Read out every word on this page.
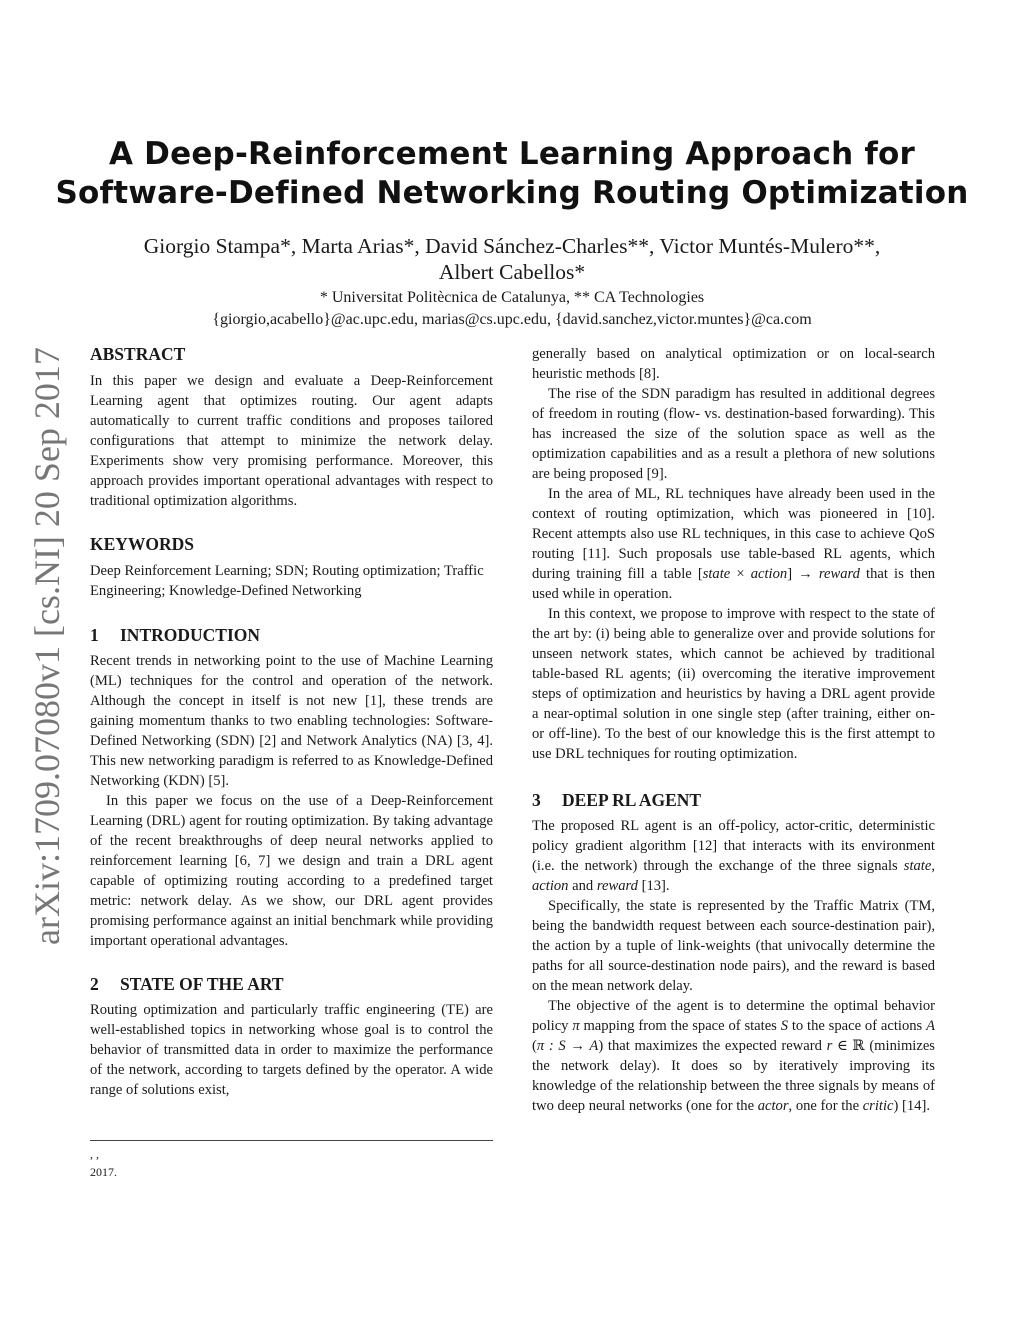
A Deep-Reinforcement Learning Approach for
Software-Defined Networking Routing Optimization
Giorgio Stampa*, Marta Arias*, David Sánchez-Charles**, Victor Muntés-Mulero**,
Albert Cabellos*
* Universitat Politècnica de Catalunya, ** CA Technologies
{giorgio,acabello}@ac.upc.edu, marias@cs.upc.edu, {david.sanchez,victor.muntes}@ca.com
arXiv:1709.07080v1 [cs.NI] 20 Sep 2017 ABSTRACT

In this paper we design and evaluate a Deep-Reinforcement Learning agent that optimizes routing. Our agent adapts automatically to current traffic conditions and proposes tailored configurations that attempt to minimize the network delay. Experiments show very promising performance. Moreover, this approach provides important operational advantages with respect to traditional optimization algorithms.

KEYWORDS

Deep Reinforcement Learning; SDN; Routing optimization; Traffic Engineering; Knowledge-Defined Networking

1 INTRODUCTION

Recent trends in networking point to the use of Machine Learning (ML) techniques for the control and operation of the network. Although the concept in itself is not new [1], these trends are gaining momentum thanks to two enabling technologies: Software-Defined Networking (SDN) [2] and Network Analytics (NA) [3, 4]. This new networking paradigm is referred to as Knowledge-Defined Networking (KDN) [5].

In this paper we focus on the use of a Deep-Reinforcement Learning (DRL) agent for routing optimization. By taking advantage of the recent breakthroughs of deep neural networks applied to reinforcement learning [6, 7] we design and train a DRL agent capable of optimizing routing according to a predefined target metric: network delay. As we show, our DRL agent provides promising performance against an initial benchmark while providing important operational advantages.

2 STATE OF THE ART

Routing optimization and particularly traffic engineering (TE) are well-established topics in networking whose goal is to control the behavior of transmitted data in order to maximize the performance of the network, according to targets defined by the operator. A wide range of solutions exist,

, ,
2017.

generally based on analytical optimization or on local-search heuristic methods [8].

The rise of the SDN paradigm has resulted in additional degrees of freedom in routing (flow- vs. destination-based forwarding). This has increased the size of the solution space as well as the optimization capabilities and as a result a plethora of new solutions are being proposed [9].

In the area of ML, RL techniques have already been used in the context of routing optimization, which was pioneered in [10]. Recent attempts also use RL techniques, in this case to achieve QoS routing [11]. Such proposals use table-based RL agents, which during training fill a table [state × action] → reward that is then used while in operation.

In this context, we propose to improve with respect to the state of the art by: (i) being able to generalize over and provide solutions for unseen network states, which cannot be achieved by traditional table-based RL agents; (ii) overcoming the iterative improvement steps of optimization and heuristics by having a DRL agent provide a near-optimal solution in one single step (after training, either on- or off-line). To the best of our knowledge this is the first attempt to use DRL techniques for routing optimization.

3 DEEP RL AGENT

The proposed RL agent is an off-policy, actor-critic, deterministic policy gradient algorithm [12] that interacts with its environment (i.e. the network) through the exchange of the three signals state, action and reward [13].

Specifically, the state is represented by the Traffic Matrix (TM, being the bandwidth request between each source-destination pair), the action by a tuple of link-weights (that univocally determine the paths for all source-destination node pairs), and the reward is based on the mean network delay.

The objective of the agent is to determine the optimal behavior policy π mapping from the space of states S to the space of actions A (π : S → A) that maximizes the expected reward r ∈ ℝ (minimizes the network delay). It does so by iteratively improving its knowledge of the relationship between the three signals by means of two deep neural networks (one for the actor, one for the critic) [14].
